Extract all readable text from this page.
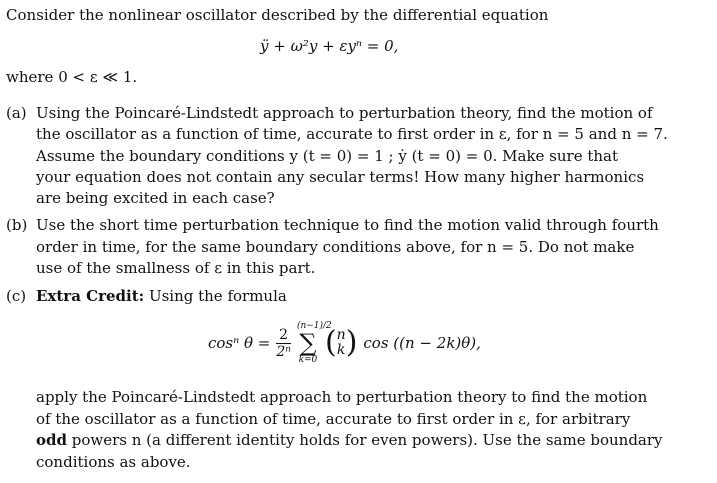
Consider the nonlinear oscillator described by the differential equation
ÿ + ω²y + εyⁿ = 0,
where 0 < ε ≪ 1.
(a) Using the Poincaré-Lindstedt approach to perturbation theory, find the motion of
the oscillator as a function of time, accurate to first order in ε, for n = 5 and n = 7.
Assume the boundary conditions y (t = 0) = 1 ; ẏ (t = 0) = 0. Make sure that
your equation does not contain any secular terms! How many higher harmonics
are being excited in each case?
(b) Use the short time perturbation technique to find the motion valid through fourth
order in time, for the same boundary conditions above, for n = 5. Do not make
use of the smallness of ε in this part.
(c) Extra Credit: Using the formula
cosⁿ $\theta = \frac{2}{\text{2ⁿ}}$
(n−1)/2
∑
k=0 ( n
k ) cos ((n − 2k)θ),
apply the Poincaré-Lindstedt approach to perturbation theory to find the motion
of the oscillator as a function of time, accurate to first order in ε, for arbitrary
odd powers n (a different identity holds for even powers). Use the same boundary
conditions as above.
